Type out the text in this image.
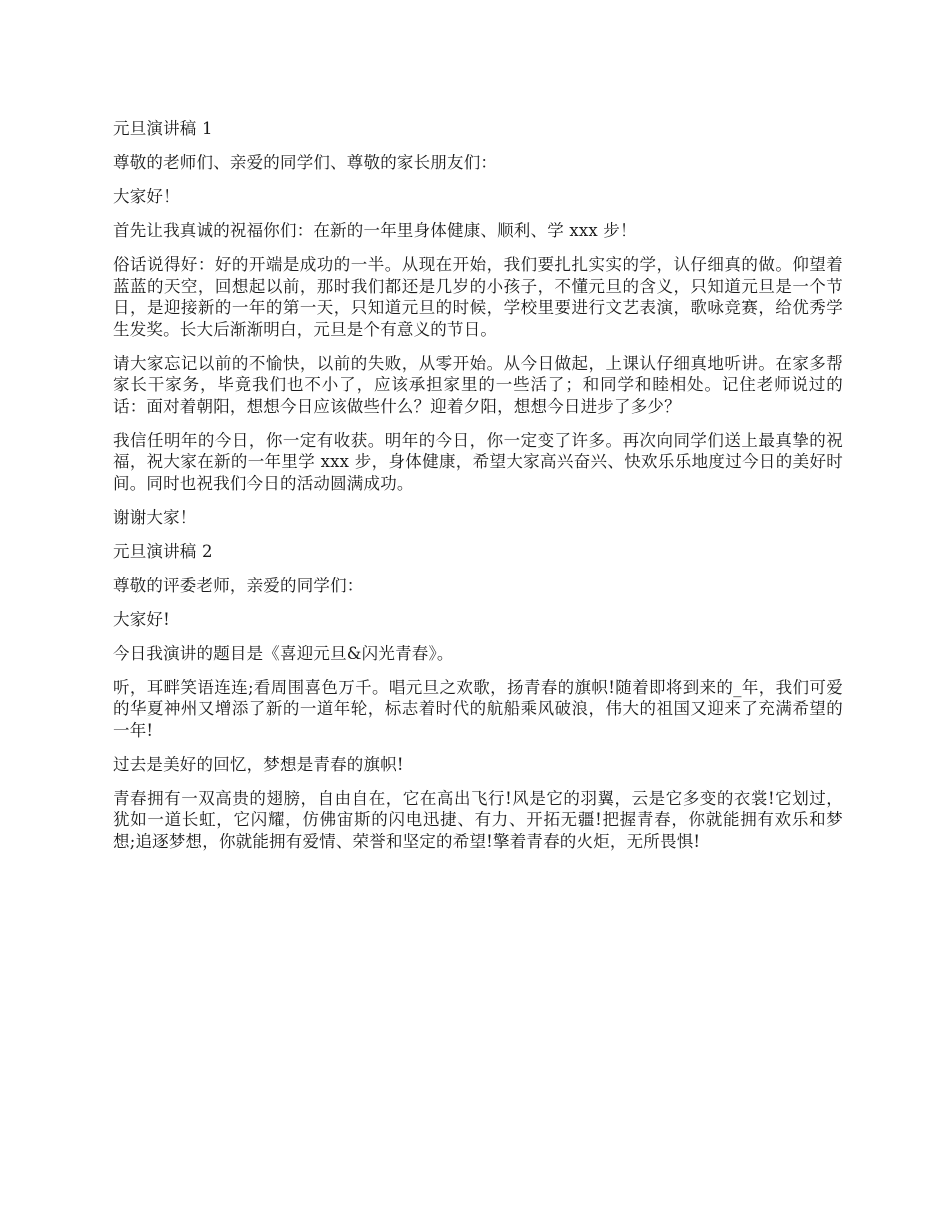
元旦演讲稿 1

尊敬的老师们、亲爱的同学们、尊敬的家长朋友们：

大家好！

首先让我真诚的祝福你们：在新的一年里身体健康、顺利、学 xxx 步！

俗话说得好：好的开端是成功的一半。从现在开始，我们要扎扎实实的学，认仔细真的做。仰望着蓝蓝的天空，回想起以前，那时我们都还是几岁的小孩子，不懂元旦的含义，只知道元旦是一个节日，是迎接新的一年的第一天，只知道元旦的时候，学校里要进行文艺表演，歌咏竞赛，给优秀学生发奖。长大后渐渐明白，元旦是个有意义的节日。

请大家忘记以前的不愉快，以前的失败，从零开始。从今日做起，上课认仔细真地听讲。在家多帮家长干家务，毕竟我们也不小了，应该承担家里的一些活了；和同学和睦相处。记住老师说过的话：面对着朝阳，想想今日应该做些什么？迎着夕阳，想想今日进步了多少？

我信任明年的今日，你一定有收获。明年的今日，你一定变了许多。再次向同学们送上最真挚的祝福，祝大家在新的一年里学 xxx 步，身体健康，希望大家高兴奋兴、快欢乐乐地度过今日的美好时间。同时也祝我们今日的活动圆满成功。

谢谢大家！

元旦演讲稿 2

尊敬的评委老师，亲爱的同学们：

大家好!

今日我演讲的题目是《喜迎元旦&闪光青春》。

听，耳畔笑语连连;看周围喜色万千。唱元旦之欢歌，扬青春的旗帜!随着即将到来的_年，我们可爱的华夏神州又增添了新的一道年轮，标志着时代的航船乘风破浪，伟大的祖国又迎来了充满希望的一年!

过去是美好的回忆，梦想是青春的旗帜!

青春拥有一双高贵的翅膀，自由自在，它在高出飞行!风是它的羽翼，云是它多变的衣裳!它划过，犹如一道长虹，它闪耀，仿佛宙斯的闪电迅捷、有力、开拓无疆!把握青春，你就能拥有欢乐和梦想;追逐梦想，你就能拥有爱情、荣誉和坚定的希望!擎着青春的火炬，无所畏惧!
